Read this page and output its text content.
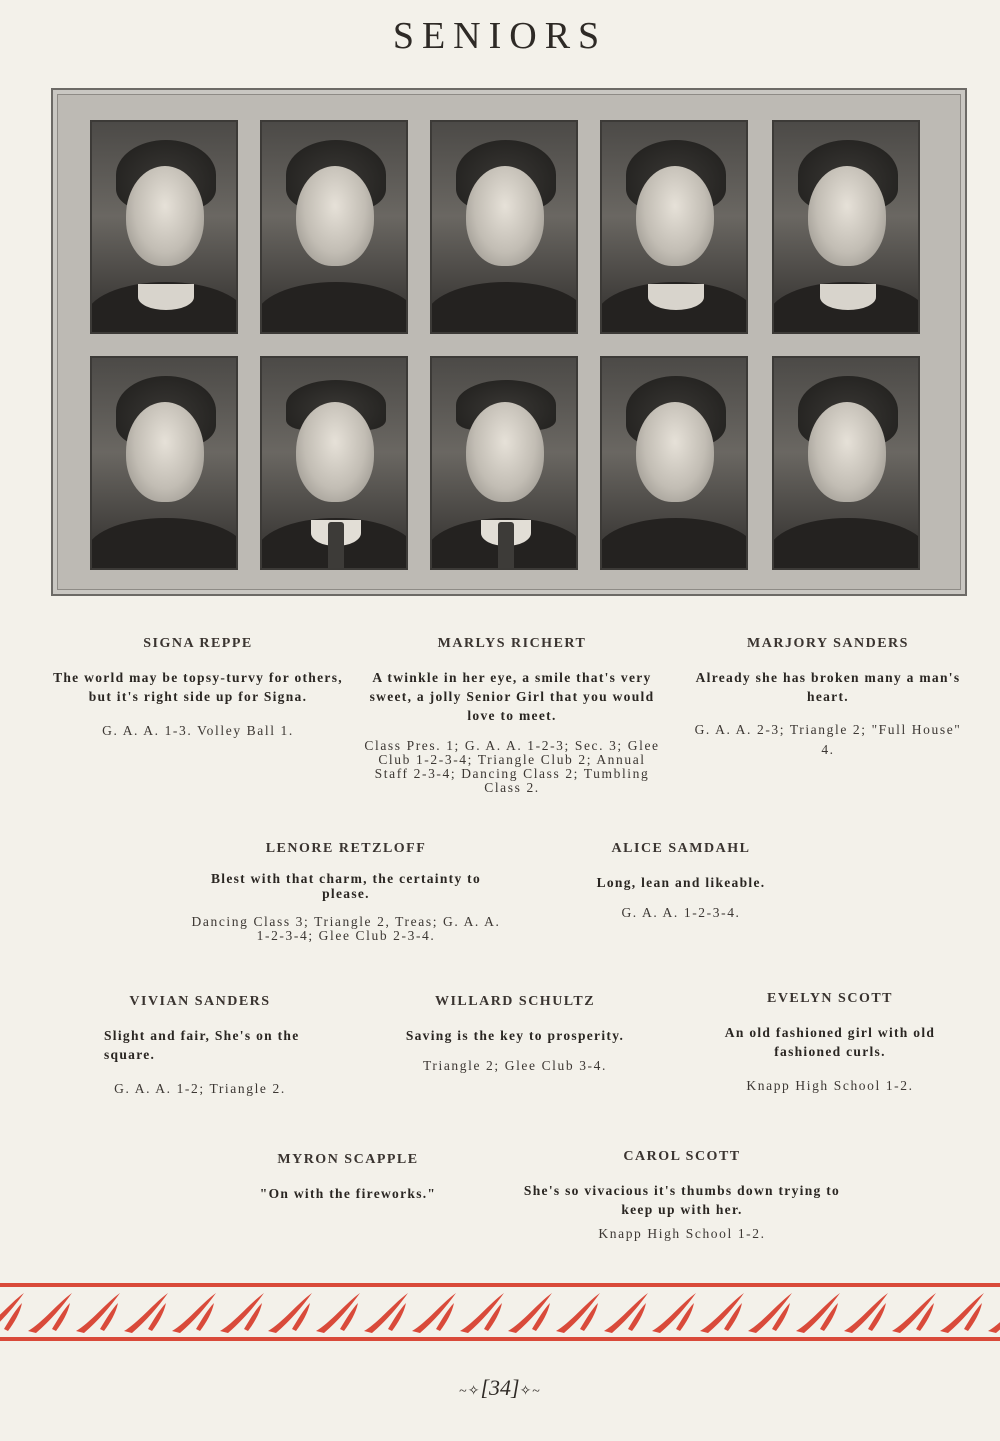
SENIORS
SIGNA REPPE
The world may be topsy-turvy for others, but it's right side up for Signa.
G. A. A. 1-3. Volley Ball 1.
MARLYS RICHERT
A twinkle in her eye, a smile that's very sweet, a jolly Senior Girl that you would love to meet.
Class Pres. 1; G. A. A. 1-2-3; Sec. 3; Glee Club 1-2-3-4; Triangle Club 2; Annual Staff 2-3-4; Dancing Class 2; Tumbling Class 2.
MARJORY SANDERS
Already she has broken many a man's heart.
G. A. A. 2-3; Triangle 2; "Full House" 4.
LENORE RETZLOFF
Blest with that charm, the certainty to please.
Dancing Class 3; Triangle 2, Treas; G. A. A. 1-2-3-4; Glee Club 2-3-4.
ALICE SAMDAHL
Long, lean and likeable.
G. A. A. 1-2-3-4.
VIVIAN SANDERS
Slight and fair, She's on the square.
G. A. A. 1-2; Triangle 2.
WILLARD SCHULTZ
Saving is the key to prosperity.
Triangle 2; Glee Club 3-4.
EVELYN SCOTT
An old fashioned girl with old fashioned curls.
Knapp High School 1-2.
MYRON SCAPPLE
"On with the fireworks."
CAROL SCOTT
She's so vivacious it's thumbs down trying to keep up with her.
Knapp High School 1-2.
~✧[34]✧~
